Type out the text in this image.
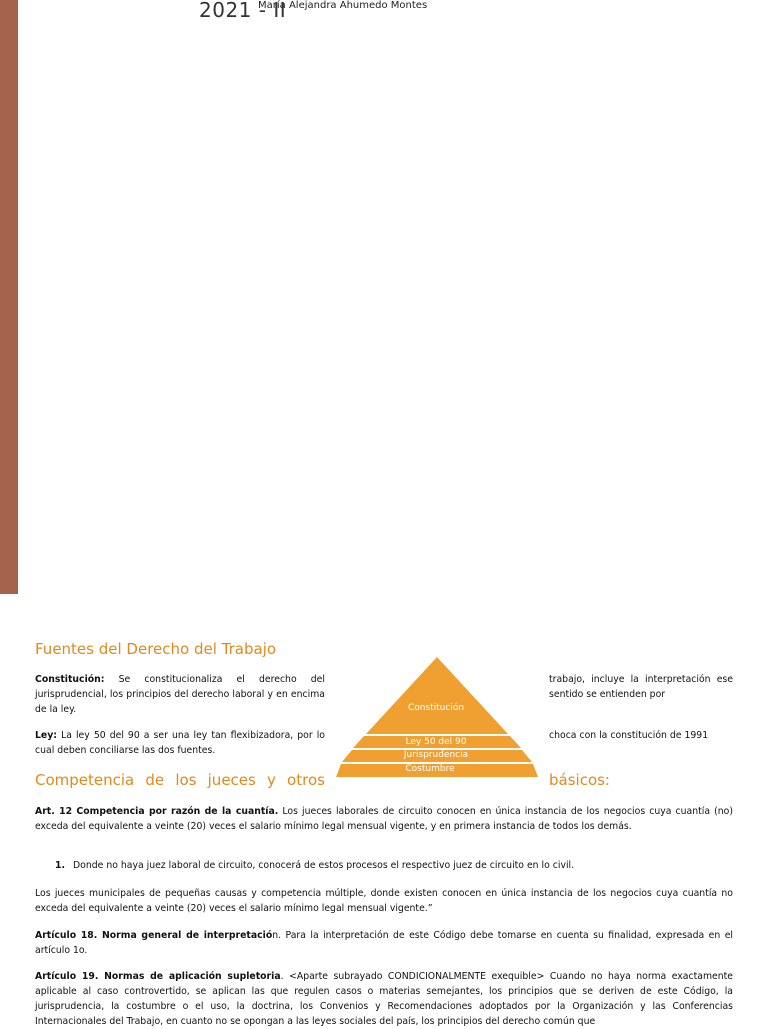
2021 - II
María Alejandra Ahumedo Montes
Fuentes del Derecho del Trabajo

Constitución: Se constitucionaliza el derecho del jurisprudencial, los principios del derecho laboral y en encima de la ley.

trabajo, incluye la interpretación ese sentido se entienden por

Ley: La ley 50 del 90 a ser una ley tan flexibizadora, por lo cual deben conciliarse las dos fuentes.

choca con la constitución de 1991

Constitución
Ley 50 del 90
Jurisprudencia
Costumbre
Competencia de los jueces y otros	básicos:

Art. 12 Competencia por razón de la cuantía. Los jueces laborales de circuito conocen en única instancia de los negocios cuya cuantía (no) exceda del equivalente a veinte (20) veces el salario mínimo legal mensual vigente, y en primera instancia de todos los demás.

1. Donde no haya juez laboral de circuito, conocerá de estos procesos el respectivo juez de circuito en lo civil.

Los jueces municipales de pequeñas causas y competencia múltiple, donde existen conocen en única instancia de los negocios cuya cuantía no exceda del equivalente a veinte (20) veces el salario mínimo legal mensual vigente.”

Artículo 18. Norma general de interpretación. Para la interpretación de este Código debe tomarse en cuenta su finalidad, expresada en el artículo 1o.

Artículo 19. Normas de aplicación supletoria. <Aparte subrayado CONDICIONALMENTE exequible> Cuando no haya norma exactamente aplicable al caso controvertido, se aplican las que regulen casos o materias semejantes, los principios que se deriven de este Código, la jurisprudencia, la costumbre o el uso, la doctrina, los Convenios y Recomendaciones adoptados por la Organización y las Conferencias Internacionales del Trabajo, en cuanto no se opongan a las leyes sociales del país, los principios del derecho común que
